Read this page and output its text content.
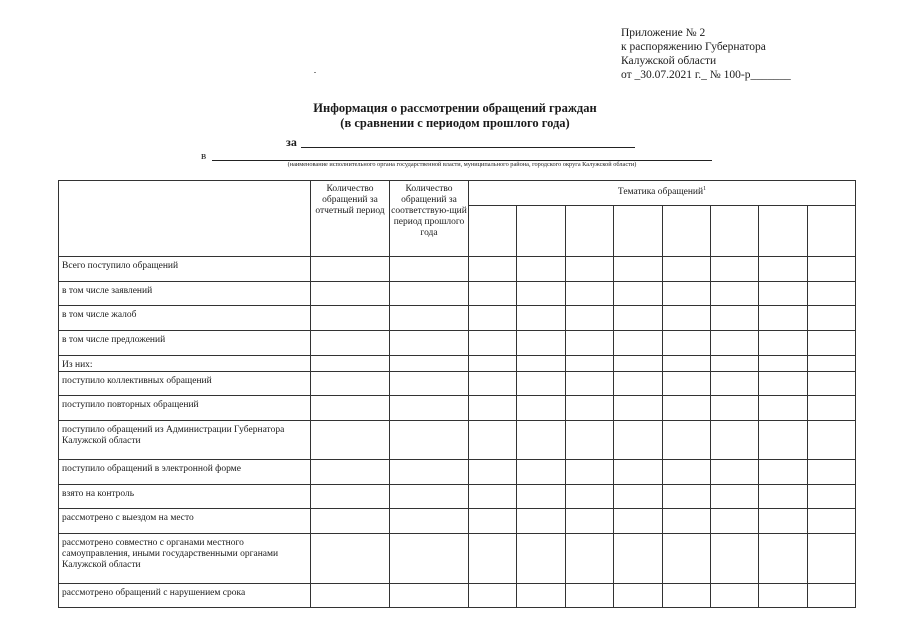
Приложение № 2
к распоряжению Губернатора
Калужской области
от _30.07.2021 г._ № 100-р_______
Информация о рассмотрении обращений граждан
(в сравнении с периодом прошлого года)
за
в
(наименование исполнительного органа государственной власти, муниципального района, городского округа Калужской области)
	Количество обращений за отчетный период	Количество обращений за соответствую-щий период прошлого года	Тематика обращений$^1$

Всего поступило обращений										
в том числе заявлений										
в том числе жалоб										
в том числе предложений										
Из них:										
поступило коллективных обращений										
поступило повторных обращений										
поступило обращений из Администрации Губернатора Калужской области										
поступило обращений в электронной форме										
взято на контроль										
рассмотрено с выездом на место										
рассмотрено совместно с органами местного самоуправления, иными государственными органами Калужской области										
рассмотрено обращений с нарушением срока										
